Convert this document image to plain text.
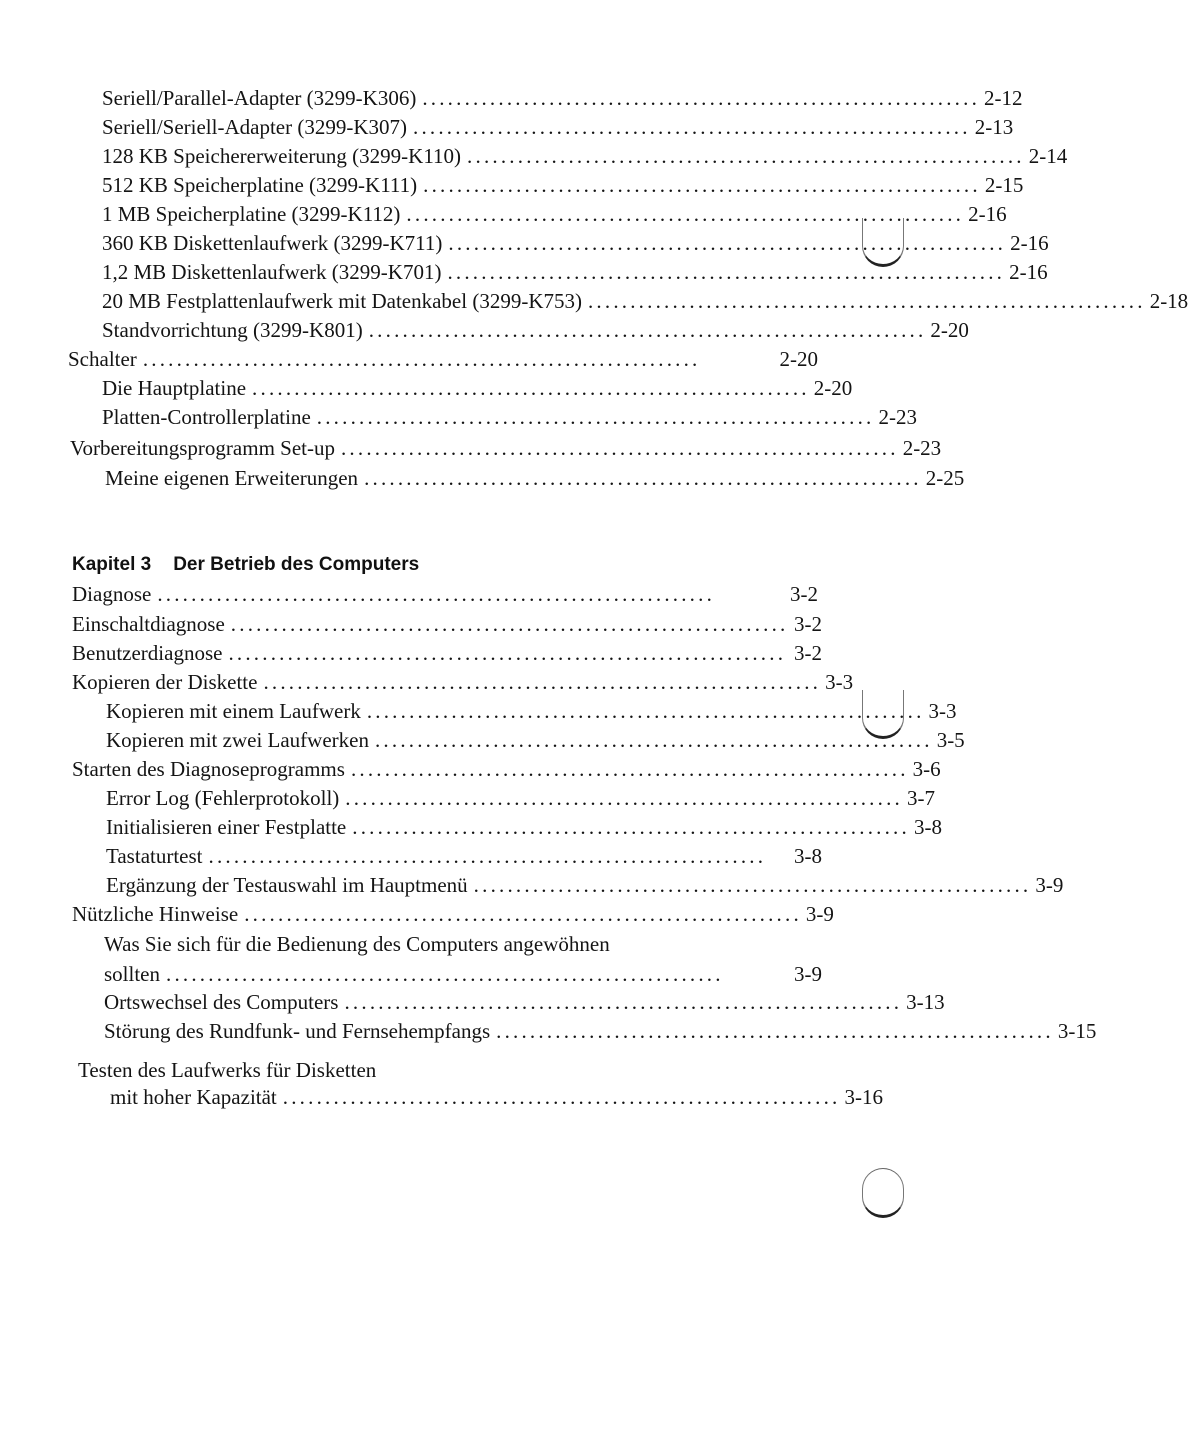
Seriell/Parallel-Adapter (3299-K306) .................................................................. 2-12
Seriell/Seriell-Adapter (3299-K307) .................................................................. 2-13
128 KB Speichererweiterung (3299-K110) .................................................................. 2-14
512 KB Speicherplatine (3299-K111) .................................................................. 2-15
1 MB Speicherplatine (3299-K112) .................................................................. 2-16
360 KB Diskettenlaufwerk (3299-K711) .................................................................. 2-16
1,2 MB Diskettenlaufwerk (3299-K701) .................................................................. 2-16
20 MB Festplattenlaufwerk mit Datenkabel (3299-K753) .................................................................. 2-18
Standvorrichtung (3299-K801) .................................................................. 2-20
Schalter ..................................................................	2-20
Die Hauptplatine .................................................................. 2-20
Platten-Controllerplatine .................................................................. 2-23
Vorbereitungsprogramm Set-up .................................................................. 2-23
Meine eigenen Erweiterungen .................................................................. 2-25
Kapitel 3 Der Betrieb des Computers
Diagnose ..................................................................	3-2
Einschaltdiagnose .................................................................. 3-2
Benutzerdiagnose .................................................................. 3-2
Kopieren der Diskette .................................................................. 3-3
Kopieren mit einem Laufwerk .................................................................. 3-3
Kopieren mit zwei Laufwerken .................................................................. 3-5
Starten des Diagnoseprogramms .................................................................. 3-6
Error Log (Fehlerprotokoll) .................................................................. 3-7
Initialisieren einer Festplatte .................................................................. 3-8
Tastaturtest ..................................................................	3-8
Ergänzung der Testauswahl im Hauptmenü .................................................................. 3-9
Nützliche Hinweise .................................................................. 3-9
Was Sie sich für die Bedienung des Computers angewöhnen
sollten ..................................................................	3-9
Ortswechsel des Computers .................................................................. 3-13
Störung des Rundfunk- und Fernsehempfangs .................................................................. 3-15
Testen des Laufwerks für Disketten
mit hoher Kapazität .................................................................. 3-16
